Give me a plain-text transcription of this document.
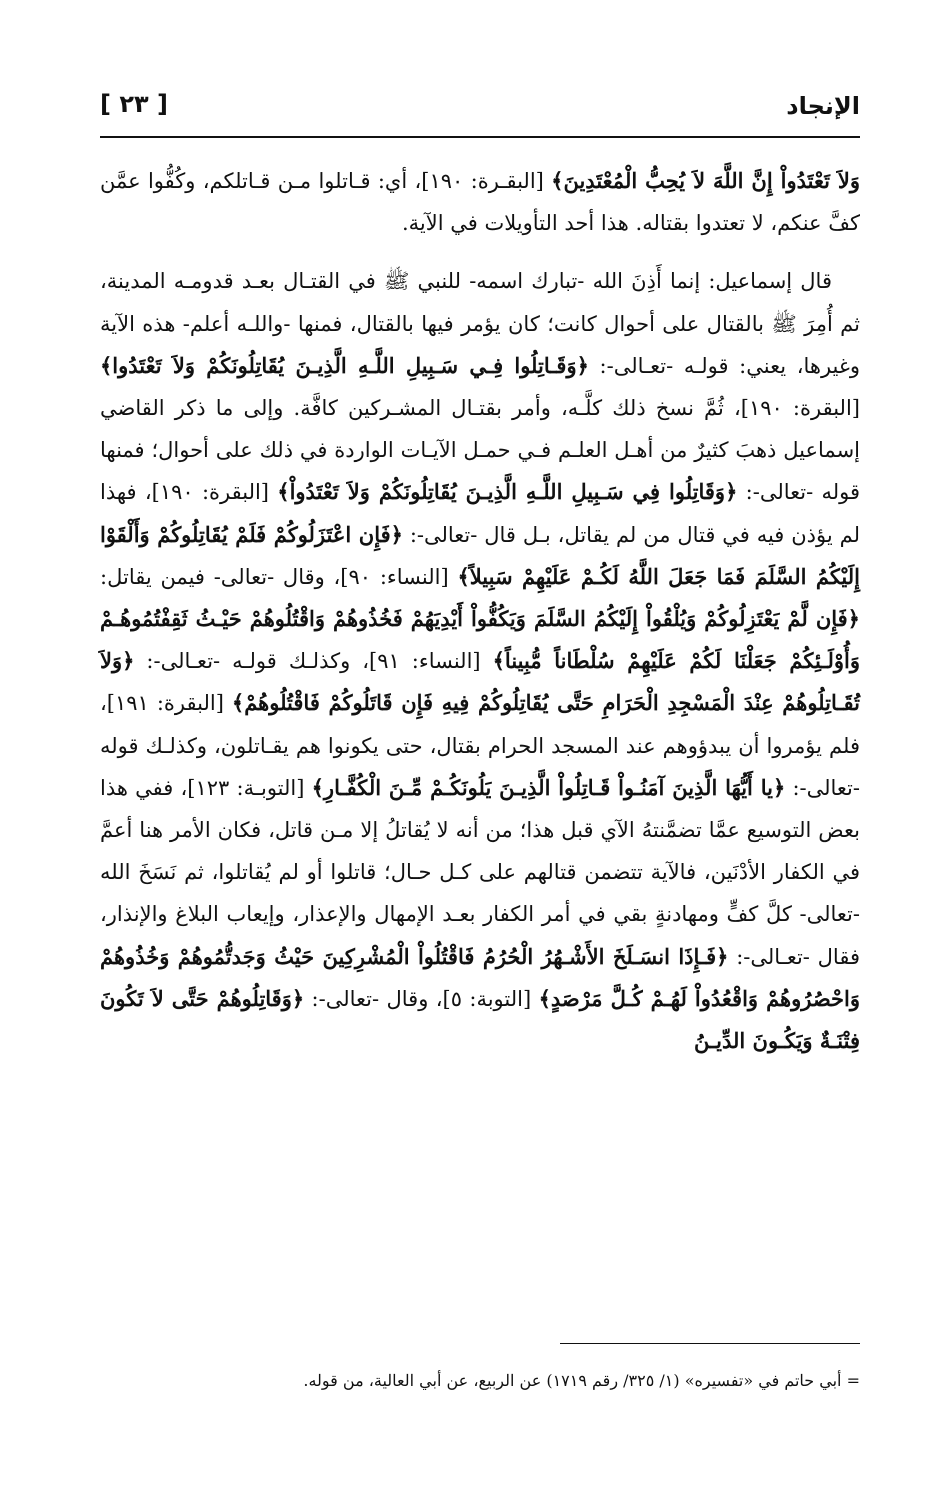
الإنجاد
[ ٢٣ ]

وَلاَ تَعْتَدُواْ إِنَّ اللَّهَ لاَ يُحِبُّ الْمُعْتَدِينَ﴾ [البقـرة: ١٩٠]، أي: قـاتلوا مـن قـاتلكم، وكُفُّوا عمَّن كفَّ عنكم، لا تعتدوا بقتاله. هذا أحد التأويلات في الآية.

قال إسماعيل: إنما أَذِنَ الله -تبارك اسمه- للنبي ﷺ في القتـال بعـد قدومـه المدينة، ثم أُمِرَ ﷺ بالقتال على أحوال كانت؛ كان يؤمر فيها بالقتال، فمنها -واللـه أعلم- هذه الآية وغيرها، يعني: قولـه -تعـالى-: ﴿وَقَـاتِلُوا فِـي سَـبِيلِ اللَّـهِ الَّذِيـنَ يُقَاتِلُونَكُمْ وَلاَ تَعْتَدُوا﴾ [البقرة: ١٩٠]، ثُمَّ نسخ ذلك كلَّـه، وأمر بقتـال المشـركين كافَّة. وإلى ما ذكر القاضي إسماعيل ذهبَ كثيرٌ من أهـل العلـم فـي حمـل الآيـات الواردة في ذلك على أحوال؛ فمنها قوله -تعالى-: ﴿وَقَاتِلُوا فِي سَـبِيلِ اللَّـهِ الَّذِيـنَ يُقَاتِلُونَكُمْ وَلاَ تَعْتَدُواْ﴾ [البقرة: ١٩٠]، فهذا لم يؤذن فيه في قتال من لم يقاتل، بـل قال -تعالى-: ﴿فَإِن اعْتَزَلُوكُمْ فَلَمْ يُقَاتِلُوكُمْ وَأَلْقَوْا إِلَيْكُمُ السَّلَمَ فَمَا جَعَلَ اللَّهُ لَكُـمْ عَلَيْهِمْ سَبِيلاً﴾ [النساء: ٩٠]، وقال -تعالى- فيمن يقاتل: ﴿فَإِن لَّمْ يَعْتَزِلُوكُمْ وَيُلْقُواْ إِلَيْكُمُ السَّلَمَ وَيَكُفُّواْ أَيْدِيَهُمْ فَخُذُوهُمْ وَاقْتُلُوهُمْ حَيْـثُ ثَقِفْتُمُوهُـمْ وَأُوْلَـئِكُمْ جَعَلْنَا لَكُمْ عَلَيْهِمْ سُلْطَاناً مُّبِيناً﴾ [النساء: ٩١]، وكذلـك قولـه -تعـالى-: ﴿وَلاَ تُقَـاتِلُوهُمْ عِنْدَ الْمَسْجِدِ الْحَرَامِ حَتَّى يُقَاتِلُوكُمْ فِيهِ فَإِن قَاتَلُوكُمْ فَاقْتُلُوهُمْ﴾ [البقرة: ١٩١]، فلم يؤمروا أن يبدؤوهم عند المسجد الحرام بقتال، حتى يكونوا هم يقـاتلون، وكذلـك قوله -تعالى-: ﴿يا أَيُّهَا الَّذِينَ آمَنُـواْ قَـاتِلُواْ الَّذِيـنَ يَلُونَكُـمْ مِّـنَ الْكُفَّـارِ﴾ [التوبـة: ١٢٣]، ففي هذا بعض التوسيع عمَّا تضمَّنتهُ الآي قبل هذا؛ من أنه لا يُقاتلُ إلا مـن قاتل، فكان الأمر هنا أعمَّ في الكفار الأدْنَين، فالآية تتضمن قتالهم على كـل حـال؛ قاتلوا أو لم يُقاتلوا، ثم نَسَخَ الله -تعالى- كلَّ كفٍّ ومهادنةٍ بقي في أمر الكفار بعـد الإمهال والإعذار، وإيعاب البلاغ والإنذار، فقال -تعـالى-: ﴿فَـإِذَا انسَـلَخَ الأَشْـهُرُ الْحُرُمُ فَاقْتُلُواْ الْمُشْرِكِينَ حَيْثُ وَجَدتُّمُوهُمْ وَخُذُوهُمْ وَاحْصُرُوهُمْ وَاقْعُدُواْ لَهُـمْ كُـلَّ مَرْصَدٍ﴾ [التوبة: ٥]، وقال -تعالى-: ﴿وَقَاتِلُوهُمْ حَتَّى لاَ تَكُونَ فِتْنَـةٌ وَيَكُـونَ الدِّيـنُ

= أبي حاتم في «تفسيره» (١/ ٣٢٥/ رقم ١٧١٩) عن الربيع، عن أبي العالية، من قوله.
